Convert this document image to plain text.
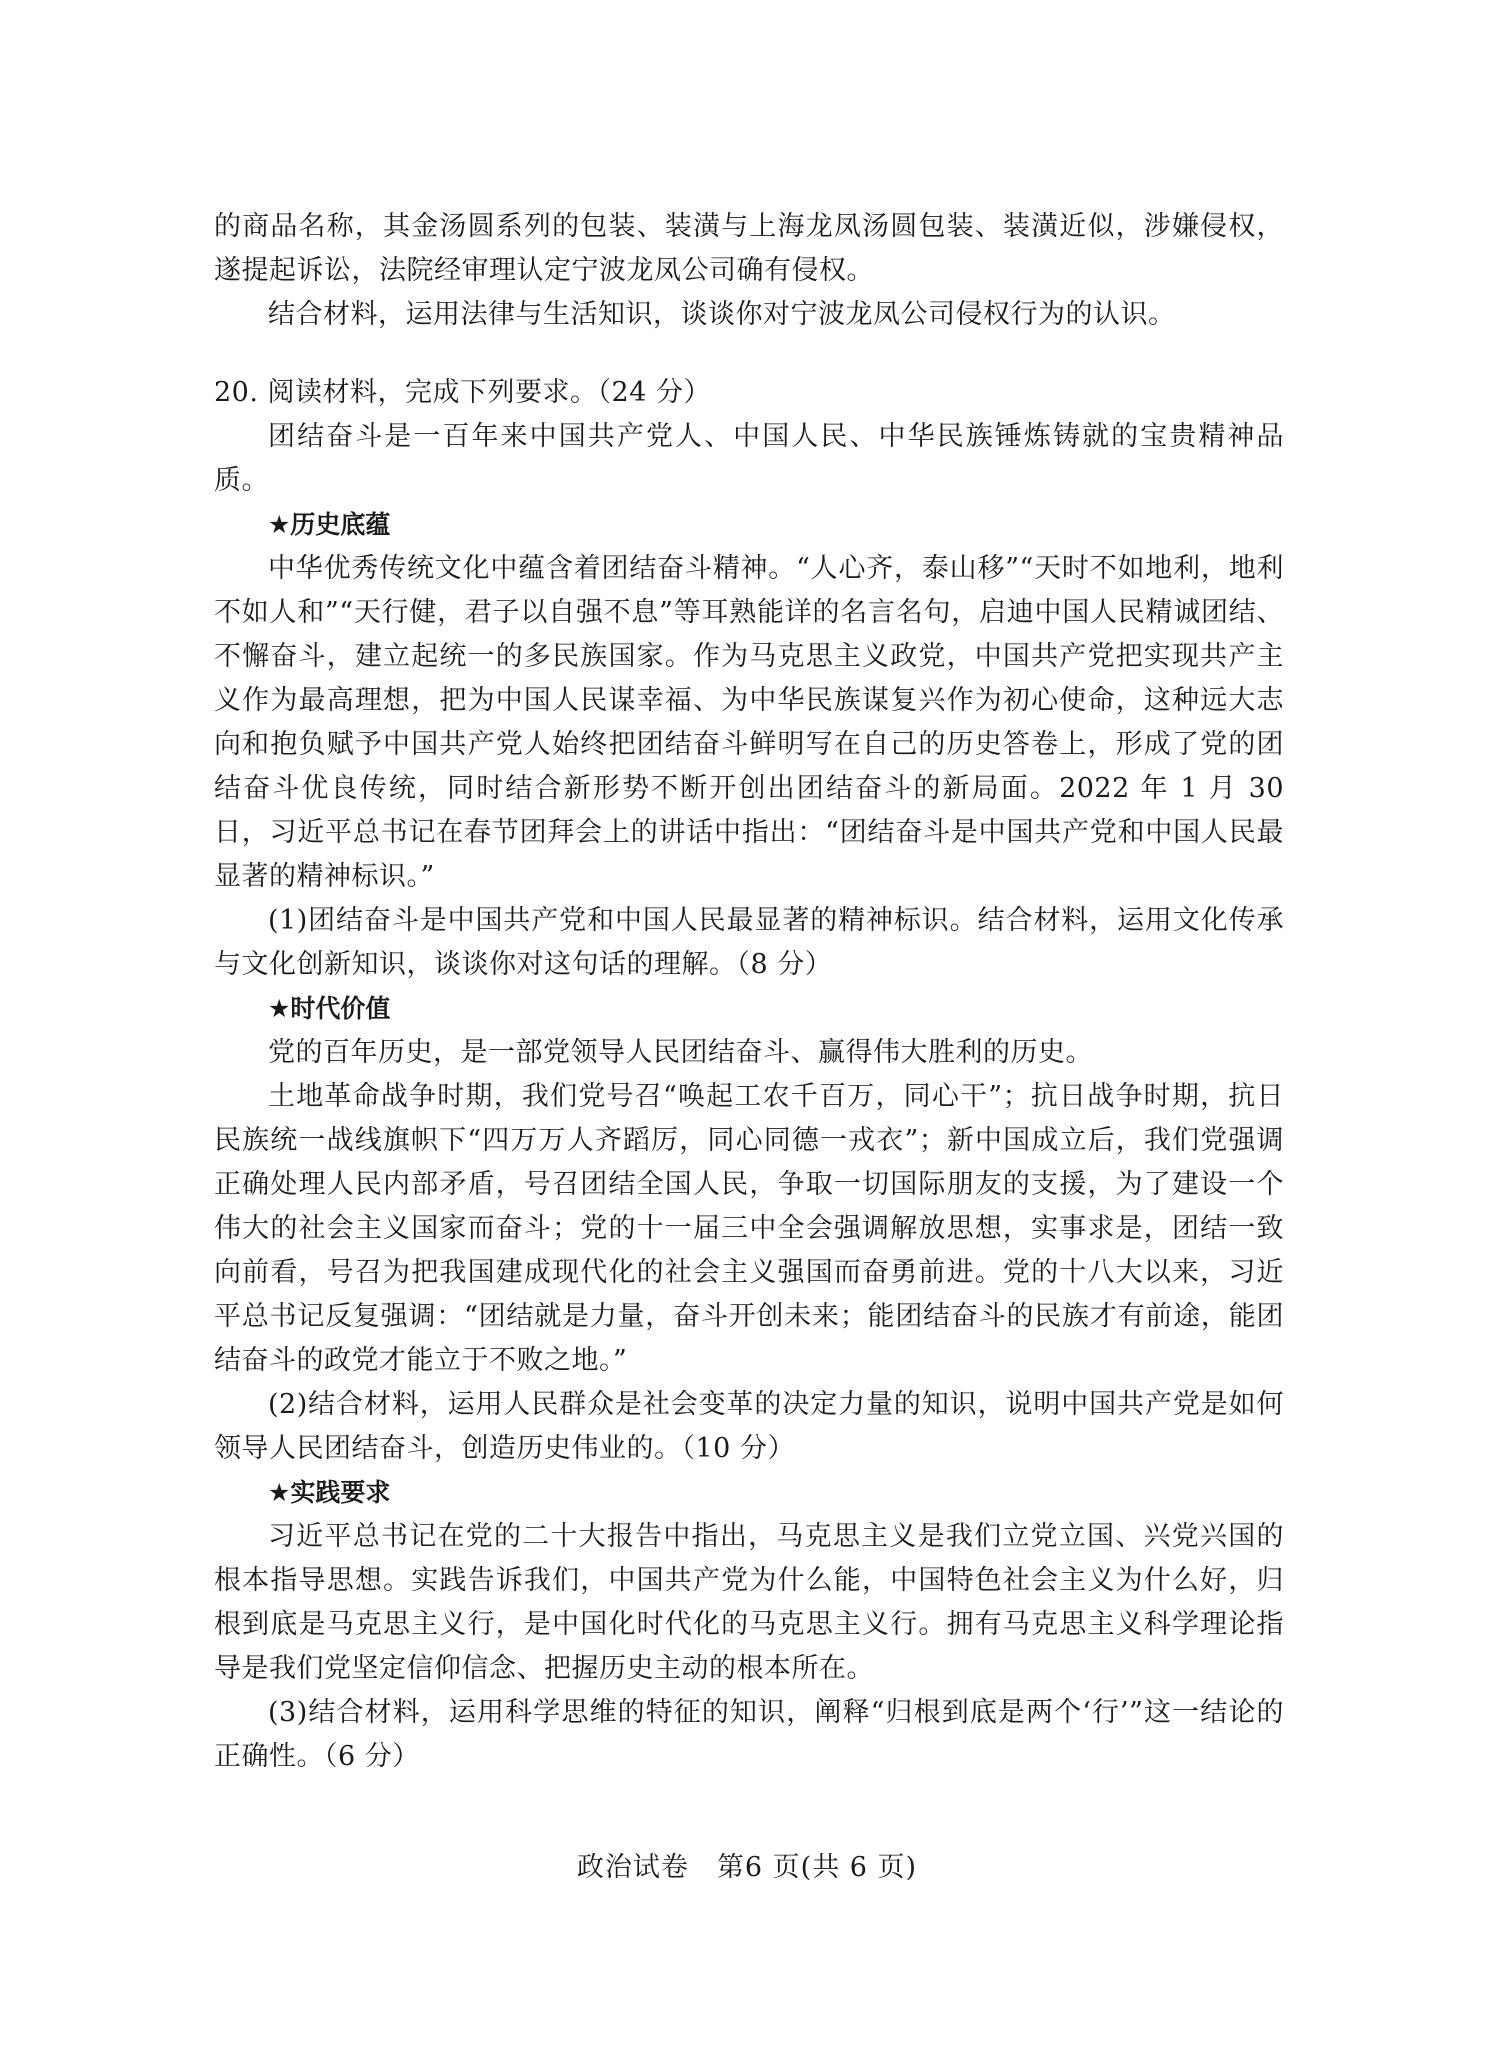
的商品名称，其金汤圆系列的包装、装潢与上海龙凤汤圆包装、装潢近似，涉嫌侵权，遂提起诉讼，法院经审理认定宁波龙凤公司确有侵权。

结合材料，运用法律与生活知识，谈谈你对宁波龙凤公司侵权行为的认识。

20. 阅读材料，完成下列要求。（24 分）

团结奋斗是一百年来中国共产党人、中国人民、中华民族锤炼铸就的宝贵精神品质。

★历史底蕴

中华优秀传统文化中蕴含着团结奋斗精神。“人心齐，泰山移”“天时不如地利，地利不如人和”“天行健，君子以自强不息”等耳熟能详的名言名句，启迪中国人民精诚团结、不懈奋斗，建立起统一的多民族国家。作为马克思主义政党，中国共产党把实现共产主义作为最高理想，把为中国人民谋幸福、为中华民族谋复兴作为初心使命，这种远大志向和抱负赋予中国共产党人始终把团结奋斗鲜明写在自己的历史答卷上，形成了党的团结奋斗优良传统，同时结合新形势不断开创出团结奋斗的新局面。2022 年 1 月 30 日，习近平总书记在春节团拜会上的讲话中指出：“团结奋斗是中国共产党和中国人民最显著的精神标识。”

(1)团结奋斗是中国共产党和中国人民最显著的精神标识。结合材料，运用文化传承与文化创新知识，谈谈你对这句话的理解。（8 分）

★时代价值

党的百年历史，是一部党领导人民团结奋斗、赢得伟大胜利的历史。

土地革命战争时期，我们党号召“唤起工农千百万，同心干”；抗日战争时期，抗日民族统一战线旗帜下“四万万人齐蹈厉，同心同德一戎衣”；新中国成立后，我们党强调正确处理人民内部矛盾，号召团结全国人民，争取一切国际朋友的支援，为了建设一个伟大的社会主义国家而奋斗；党的十一届三中全会强调解放思想，实事求是，团结一致向前看，号召为把我国建成现代化的社会主义强国而奋勇前进。党的十八大以来，习近平总书记反复强调：“团结就是力量，奋斗开创未来；能团结奋斗的民族才有前途，能团结奋斗的政党才能立于不败之地。”

(2)结合材料，运用人民群众是社会变革的决定力量的知识，说明中国共产党是如何领导人民团结奋斗，创造历史伟业的。（10 分）

★实践要求

习近平总书记在党的二十大报告中指出，马克思主义是我们立党立国、兴党兴国的根本指导思想。实践告诉我们，中国共产党为什么能，中国特色社会主义为什么好，归根到底是马克思主义行，是中国化时代化的马克思主义行。拥有马克思主义科学理论指导是我们党坚定信仰信念、把握历史主动的根本所在。

(3)结合材料，运用科学思维的特征的知识，阐释“归根到底是两个‘行’”这一结论的正确性。（6 分）

政治试卷　第6 页(共 6 页)
